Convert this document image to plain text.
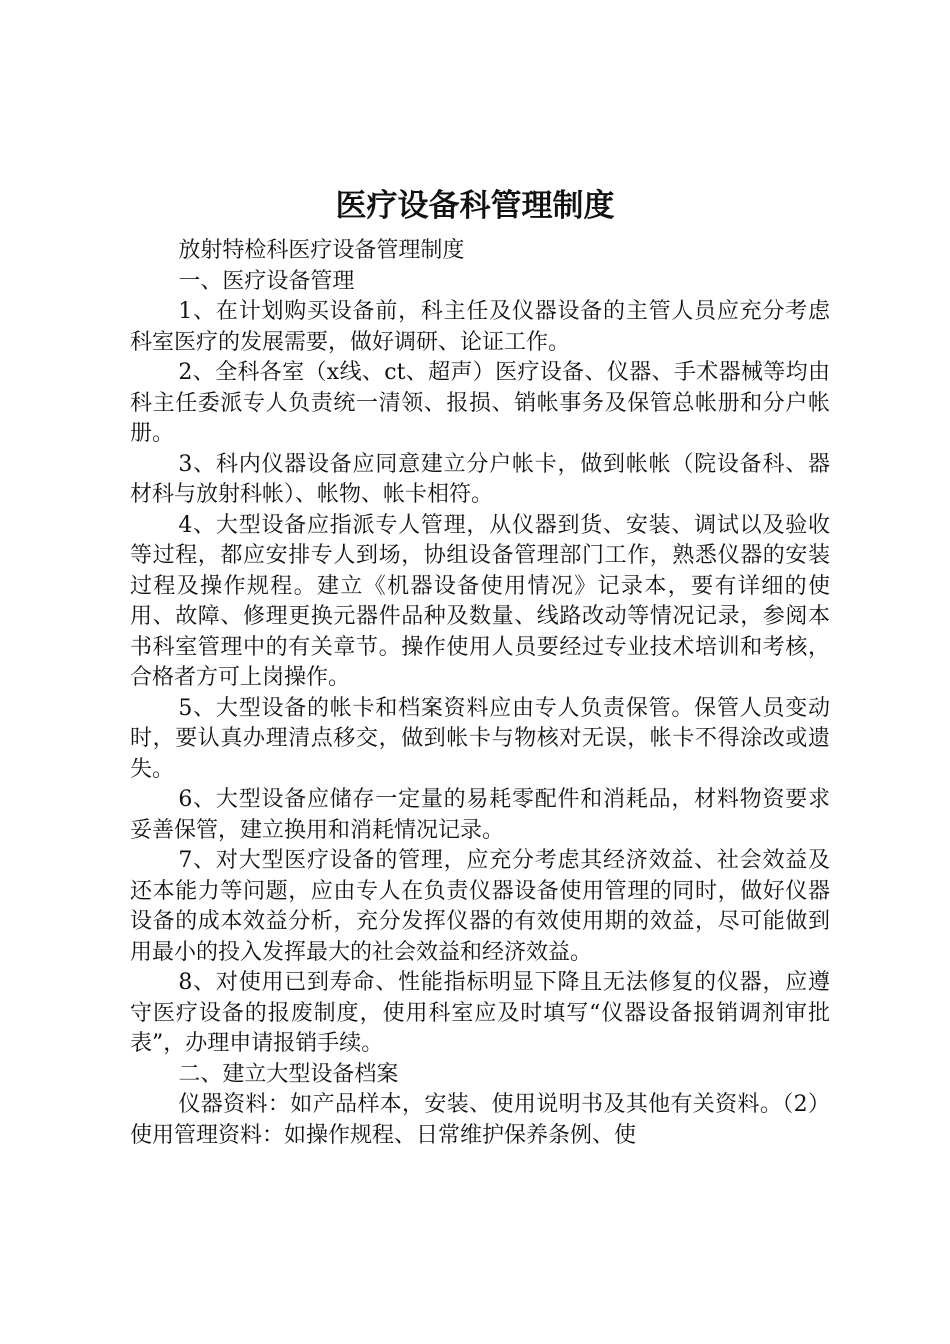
医疗设备科管理制度

放射特检科医疗设备管理制度

一、医疗设备管理

1、在计划购买设备前，科主任及仪器设备的主管人员应充分考虑科室医疗的发展需要，做好调研、论证工作。

2、全科各室（x线、ct、超声）医疗设备、仪器、手术器械等均由科主任委派专人负责统一清领、报损、销帐事务及保管总帐册和分户帐册。

3、科内仪器设备应同意建立分户帐卡，做到帐帐（院设备科、器材科与放射科帐）、帐物、帐卡相符。

4、大型设备应指派专人管理，从仪器到货、安装、调试以及验收等过程，都应安排专人到场，协组设备管理部门工作，熟悉仪器的安装过程及操作规程。建立《机器设备使用情况》记录本，要有详细的使用、故障、修理更换元器件品种及数量、线路改动等情况记录，参阅本书科室管理中的有关章节。操作使用人员要经过专业技术培训和考核，合格者方可上岗操作。

5、大型设备的帐卡和档案资料应由专人负责保管。保管人员变动时，要认真办理清点移交，做到帐卡与物核对无误，帐卡不得涂改或遗失。

6、大型设备应储存一定量的易耗零配件和消耗品，材料物资要求妥善保管，建立换用和消耗情况记录。

7、对大型医疗设备的管理，应充分考虑其经济效益、社会效益及还本能力等问题，应由专人在负责仪器设备使用管理的同时，做好仪器设备的成本效益分析，充分发挥仪器的有效使用期的效益，尽可能做到用最小的投入发挥最大的社会效益和经济效益。

8、对使用已到寿命、性能指标明显下降且无法修复的仪器，应遵守医疗设备的报废制度，使用科室应及时填写“仪器设备报销调剂审批表”，办理申请报销手续。

二、建立大型设备档案

仪器资料：如产品样本，安装、使用说明书及其他有关资料。（2）使用管理资料：如操作规程、日常维护保养条例、使
